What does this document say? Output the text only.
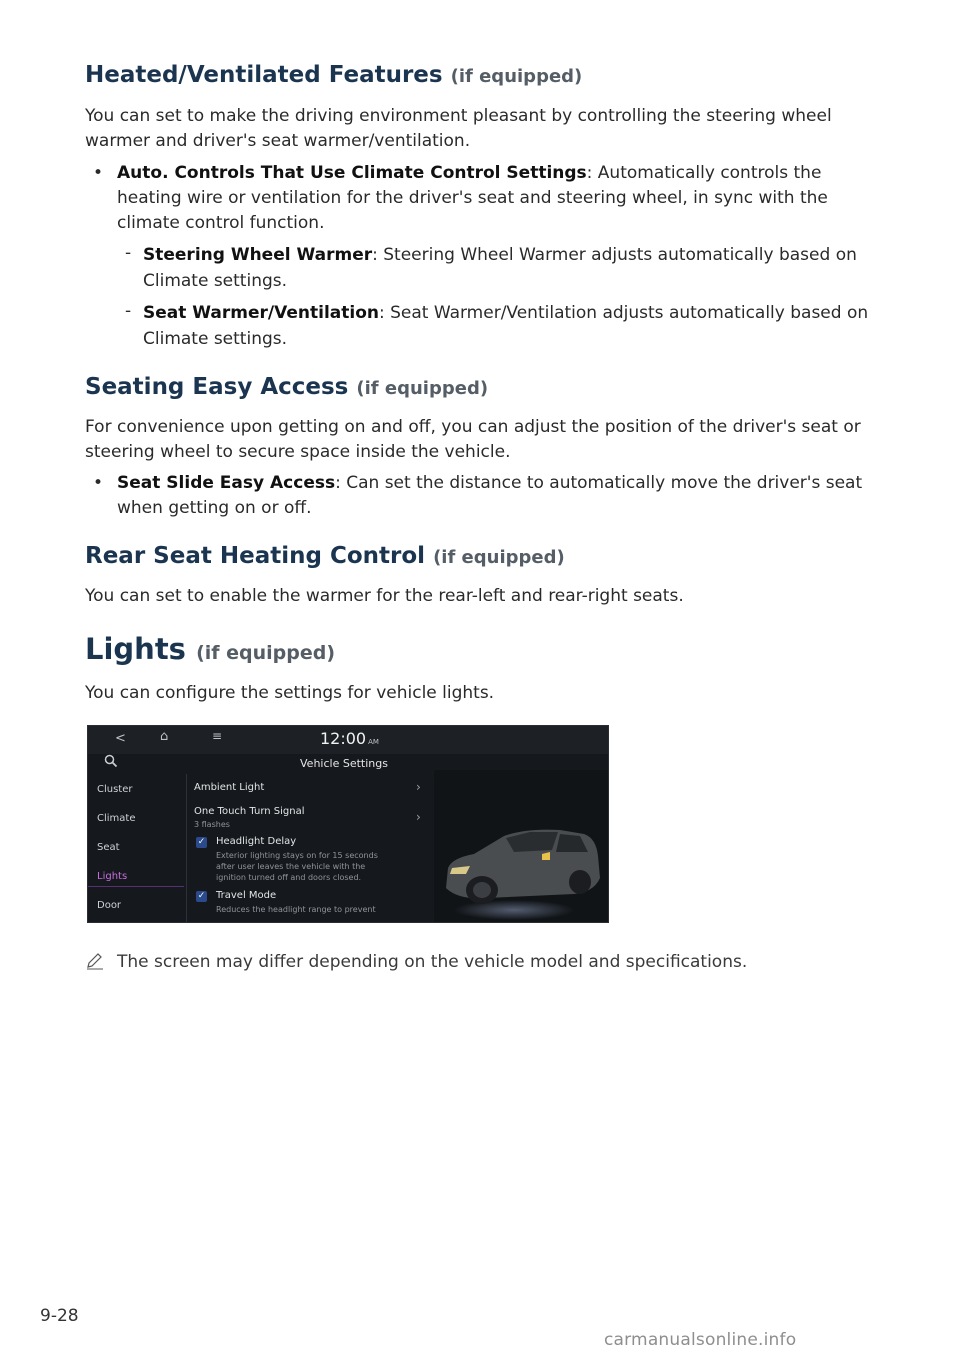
Heated/Ventilated Features (if equipped)

You can set to make the driving environment pleasant by controlling the steering wheel warmer and driver's seat warmer/ventilation.

• Auto. Controls That Use Climate Control Settings: Automatically controls the heating wire or ventilation for the driver's seat and steering wheel, in sync with the climate control function.
- Steering Wheel Warmer: Steering Wheel Warmer adjusts automatically based on Climate settings.
- Seat Warmer/Ventilation: Seat Warmer/Ventilation adjusts automatically based on Climate settings.
Seating Easy Access (if equipped)

For convenience upon getting on and off, you can adjust the position of the driver's seat or steering wheel to secure space inside the vehicle.

• Seat Slide Easy Access: Can set the distance to automatically move the driver's seat when getting on or off.
Rear Seat Heating Control (if equipped)

You can set to enable the warmer for the rear-left and rear-right seats.

Lights (if equipped)

You can configure the settings for vehicle lights.

<	⌂	≡	12:00 AM
Vehicle Settings
Cluster
Climate
Seat
Lights
Door
Ambient Light	›
One Touch Turn Signal
3 flashes
›
✓ Headlight Delay
Exterior lighting stays on for 15 seconds
after user leaves the vehicle with the
ignition turned off and doors closed.
✓ Travel Mode
Reduces the headlight range to prevent
The screen may differ depending on the vehicle model and specifications.
9-28
carmanualsonline.info
